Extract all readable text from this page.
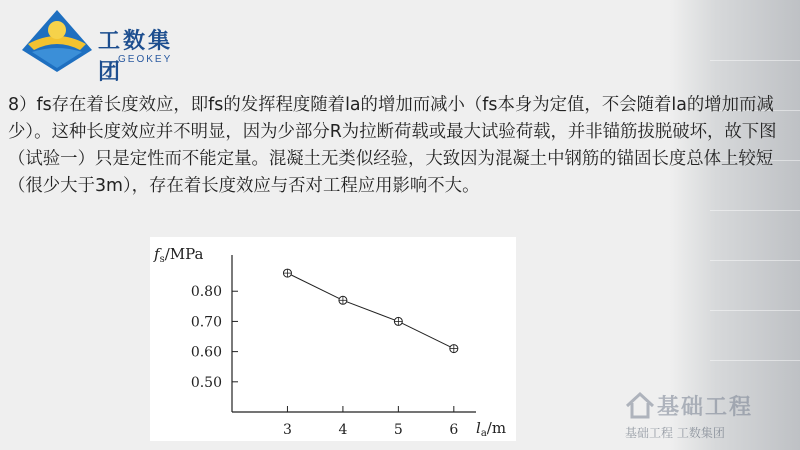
工数集团
GEOKEY
8）fs存在着长度效应，即fs的发挥程度随着la的增加而减小（fs本身为定值，不会随着la的增加而减少）。这种长度效应并不明显，因为少部分R为拉断荷载或最大试验荷载，并非锚筋拔脱破坏，故下图（试验一）只是定性而不能定量。混凝土无类似经验，大致因为混凝土中钢筋的锚固长度总体上较短（很少大于3m），存在着长度效应与否对工程应用影响不大。
0.50
0.60
0.70
0.80
3	4	5	6
$f_s$/MPa
$l_a/m$
基础工程
基础工程 工数集团
